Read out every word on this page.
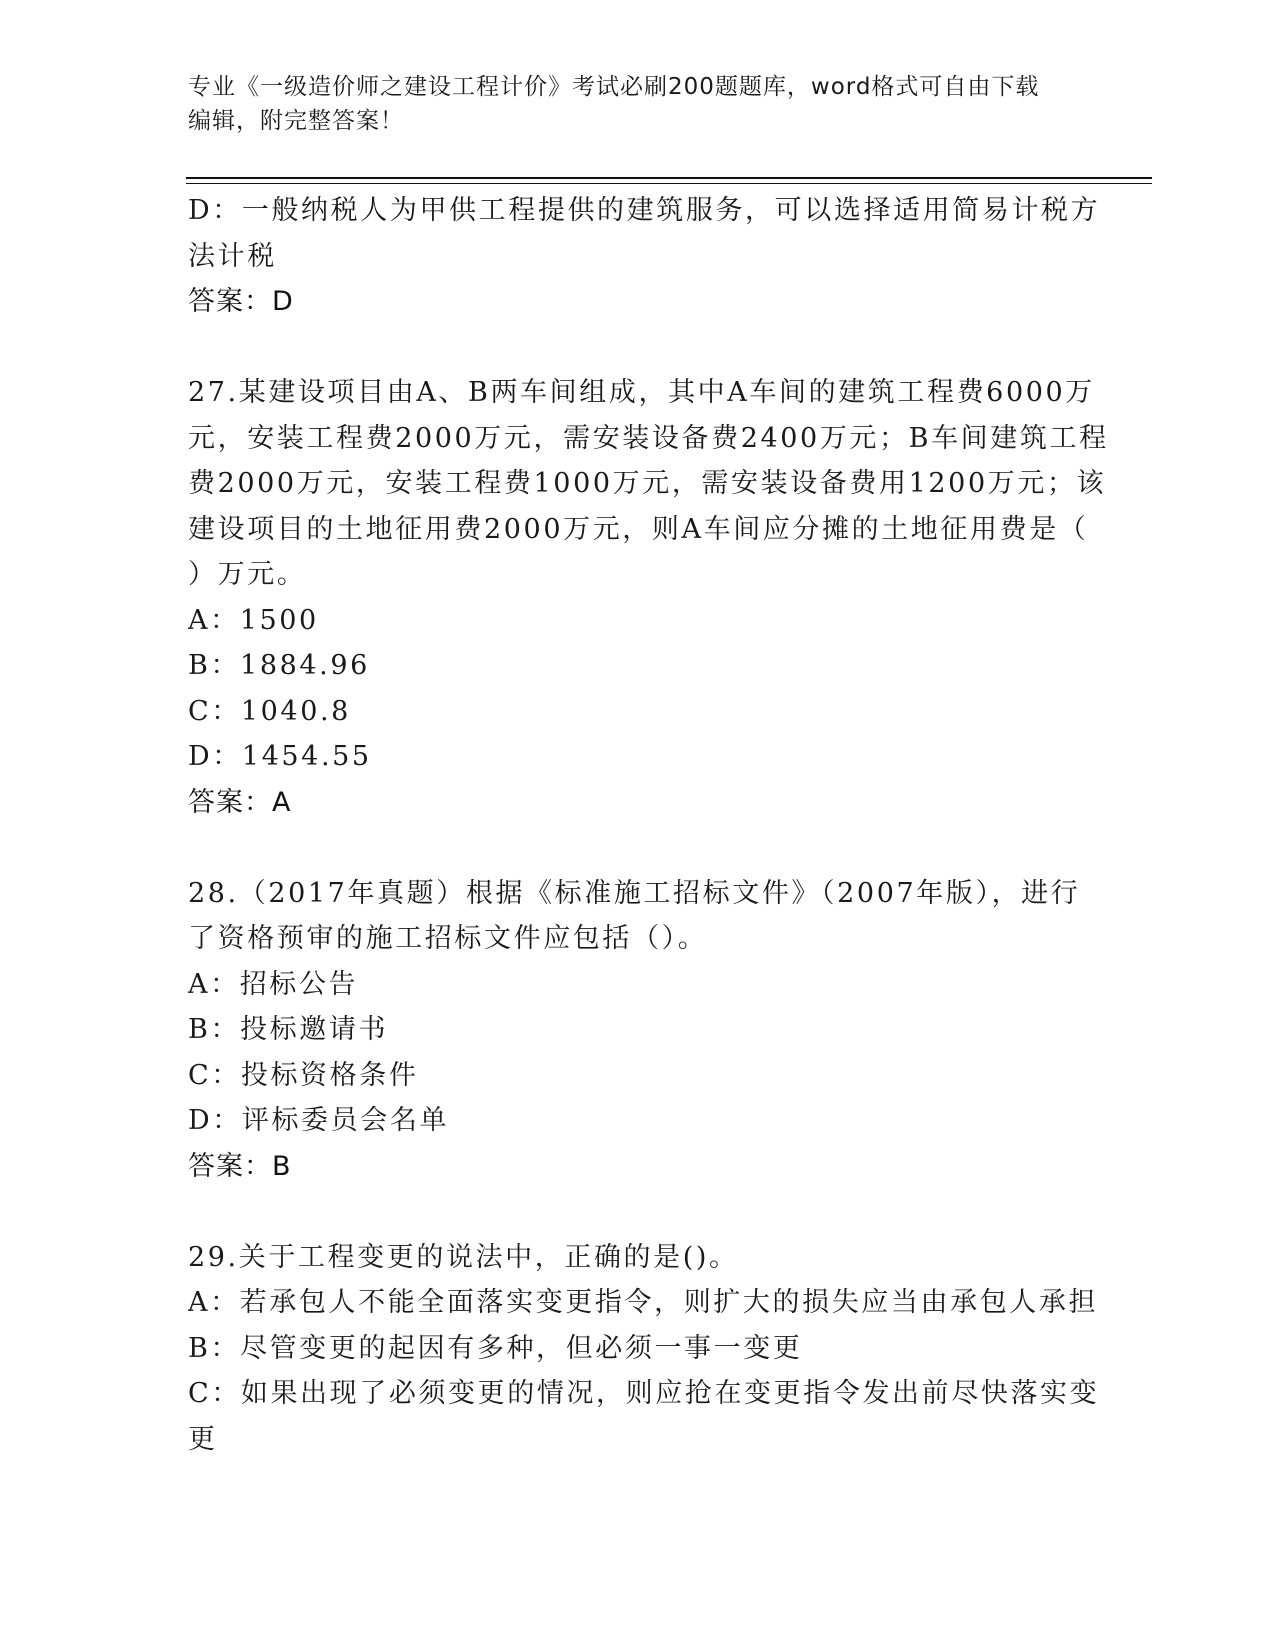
专业《一级造价师之建设工程计价》考试必刷200题题库，word格式可自由下载
编辑，附完整答案！
D：一般纳税人为甲供工程提供的建筑服务，可以选择适用简易计税方
法计税
答案：D
27.某建设项目由A、B两车间组成，其中A车间的建筑工程费6000万
元，安装工程费2000万元，需安装设备费2400万元；B车间建筑工程
费2000万元，安装工程费1000万元，需安装设备费用1200万元；该
建设项目的土地征用费2000万元，则A车间应分摊的土地征用费是（
）万元。
A：1500
B：1884.96
C：1040.8
D：1454.55
答案：A
28.（2017年真题）根据《标准施工招标文件》（2007年版），进行
了资格预审的施工招标文件应包括（）。
A：招标公告
B：投标邀请书
C：投标资格条件
D：评标委员会名单
答案：B
29.关于工程变更的说法中，正确的是()。
A：若承包人不能全面落实变更指令，则扩大的损失应当由承包人承担
B：尽管变更的起因有多种，但必须一事一变更
C：如果出现了必须变更的情况，则应抢在变更指令发出前尽快落实变
更
